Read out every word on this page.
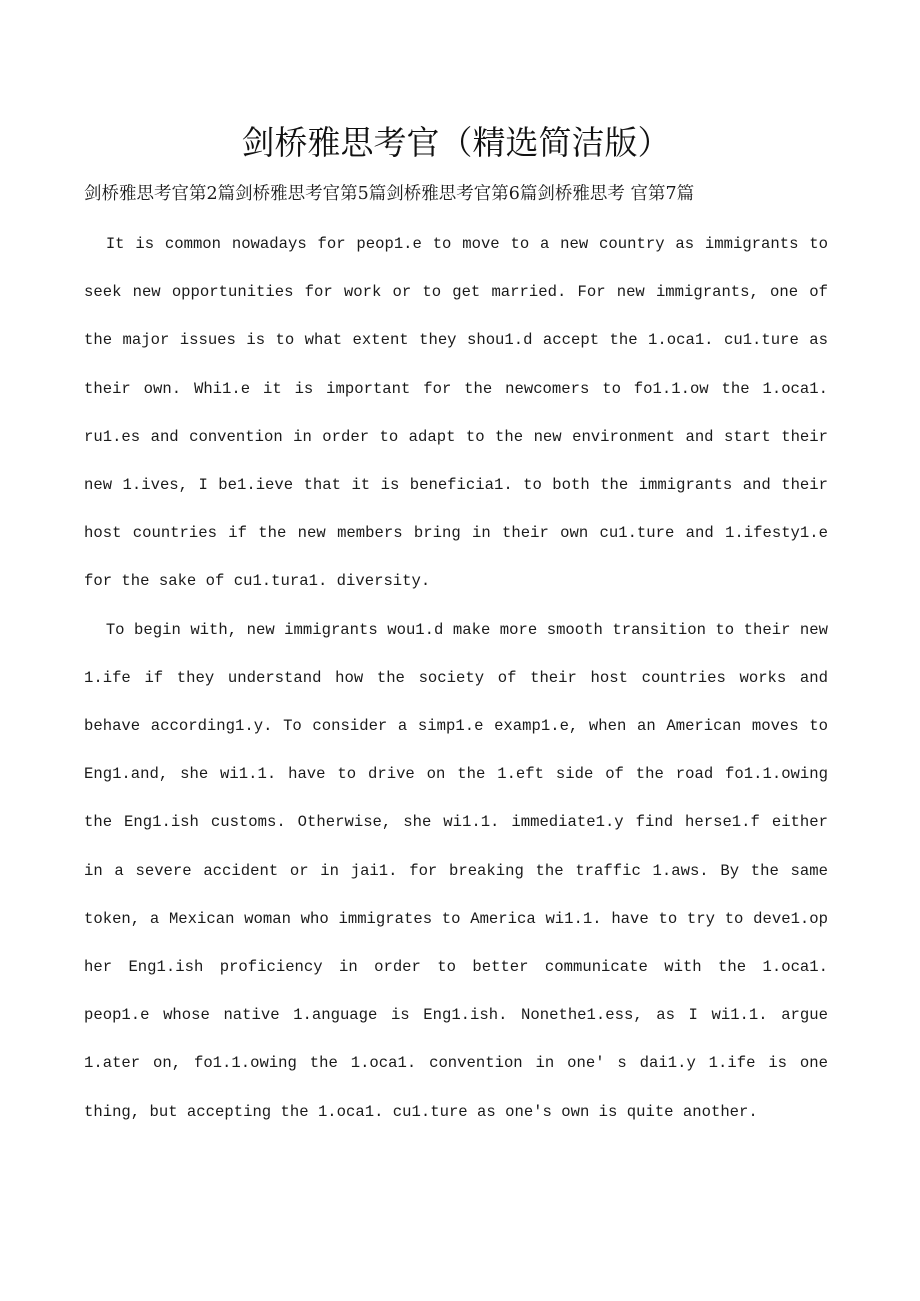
剑桥雅思考官（精选简洁版）

剑桥雅思考官第2篇剑桥雅思考官第5篇剑桥雅思考官第6篇剑桥雅思考 官第7篇

It is common nowadays for peop1.e to move to a new country as immigrants to seek new opportunities for work or to get married. For new immigrants, one of the major issues is to what extent they shou1.d accept the 1.oca1. cu1.ture as their own. Whi1.e it is important for the newcomers to fo1.1.ow the 1.oca1. ru1.es and convention in order to adapt to the new environment and start their new 1.ives, I be1.ieve that it is beneficia1. to both the immigrants and their host countries if the new members bring in their own cu1.ture and 1.ifesty1.e for the sake of cu1.tura1. diversity.

To begin with, new immigrants wou1.d make more smooth transition to their new 1.ife if they understand how the society of their host countries works and behave according1.y. To consider a simp1.e examp1.e, when an American moves to Eng1.and, she wi1.1. have to drive on the 1.eft side of the road fo1.1.owing the Eng1.ish customs. Otherwise, she wi1.1. immediate1.y find herse1.f either in a severe accident or in jai1. for breaking the traffic 1.aws. By the same token, a Mexican woman who immigrates to America wi1.1. have to try to deve1.op her Eng1.ish proficiency in order to better communicate with the 1.oca1. peop1.e whose native 1.anguage is Eng1.ish. Nonethe1.ess, as I wi1.1. argue 1.ater on, fo1.1.owing the 1.oca1. convention in one' s dai1.y 1.ife is one thing, but accepting the 1.oca1. cu1.ture as one's own is quite another.
